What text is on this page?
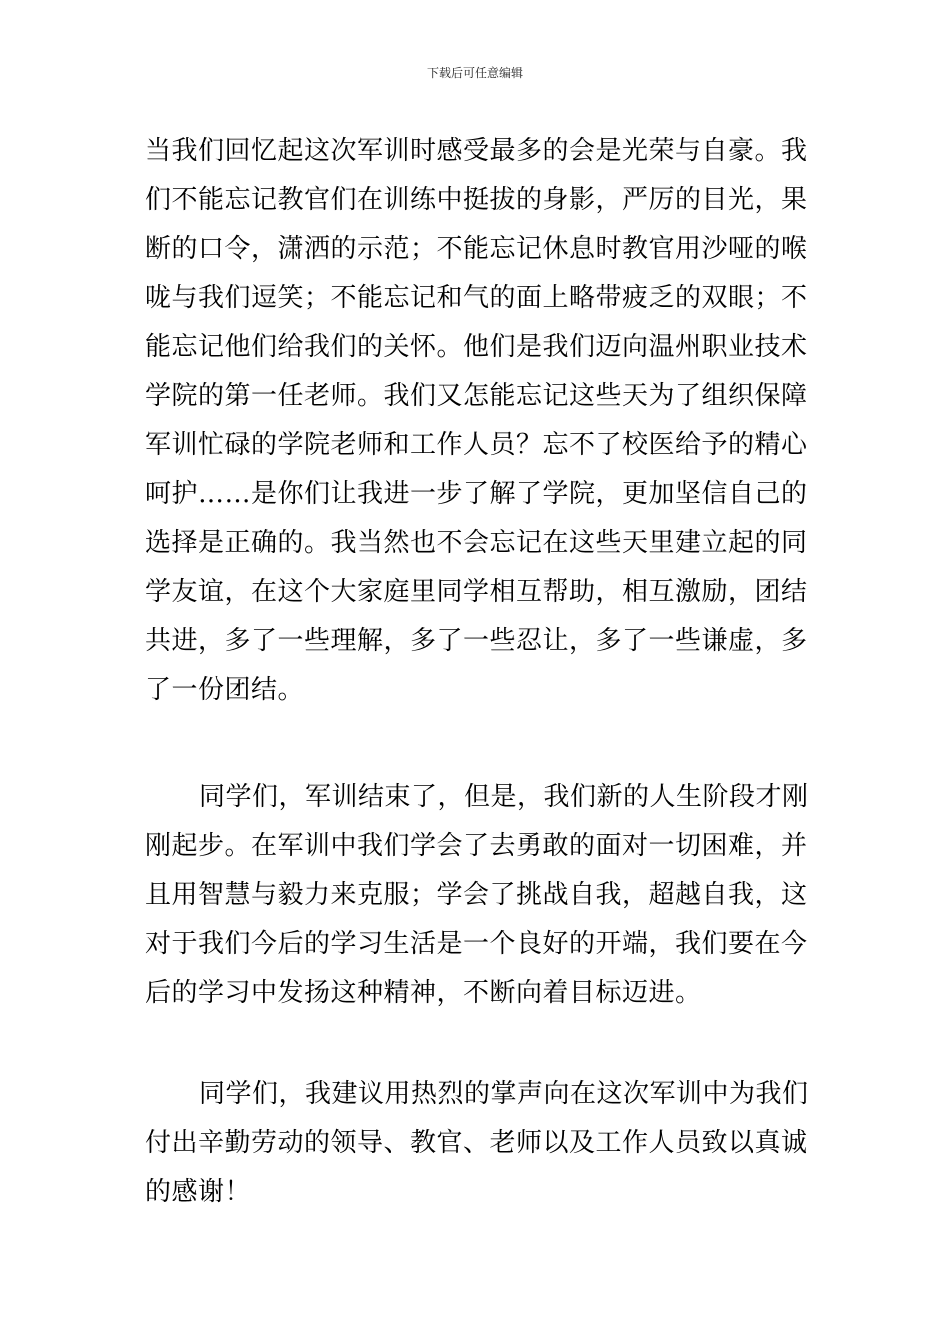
下载后可任意编辑
当我们回忆起这次军训时感受最多的会是光荣与自豪。我
们不能忘记教官们在训练中挺拔的身影，严厉的目光，果
断的口令，潇洒的示范；不能忘记休息时教官用沙哑的喉
咙与我们逗笑；不能忘记和气的面上略带疲乏的双眼；不
能忘记他们给我们的关怀。他们是我们迈向温州职业技术
学院的第一任老师。我们又怎能忘记这些天为了组织保障
军训忙碌的学院老师和工作人员？忘不了校医给予的精心
呵护……是你们让我进一步了解了学院，更加坚信自己的
选择是正确的。我当然也不会忘记在这些天里建立起的同
学友谊，在这个大家庭里同学相互帮助，相互激励，团结
共进，多了一些理解，多了一些忍让，多了一些谦虚，多
了一份团结。
同学们，军训结束了，但是，我们新的人生阶段才刚
刚起步。在军训中我们学会了去勇敢的面对一切困难，并
且用智慧与毅力来克服；学会了挑战自我，超越自我，这
对于我们今后的学习生活是一个良好的开端，我们要在今
后的学习中发扬这种精神，不断向着目标迈进。
同学们，我建议用热烈的掌声向在这次军训中为我们
付出辛勤劳动的领导、教官、老师以及工作人员致以真诚
的感谢！
